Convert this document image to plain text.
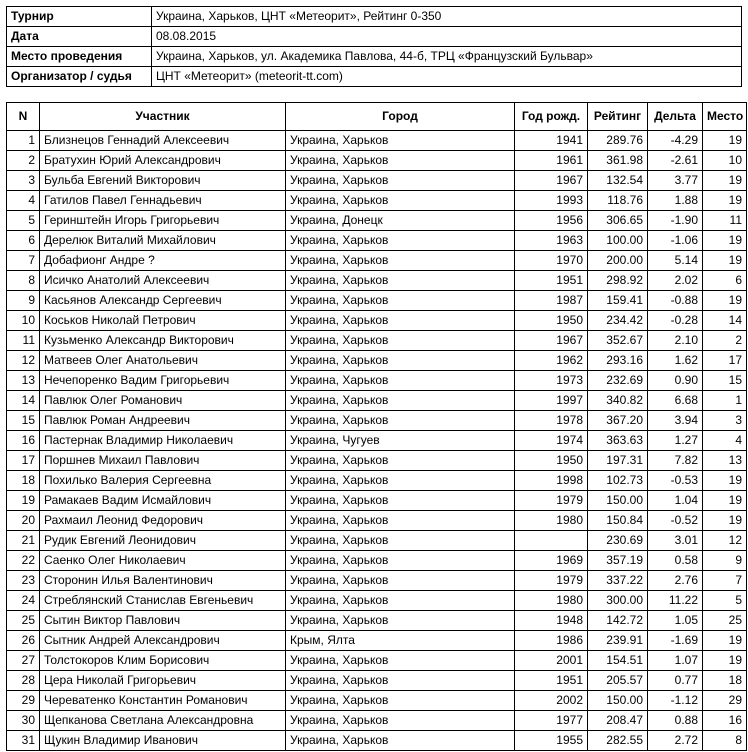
Турнир	Украина, Харьков, ЦНТ «Метеорит», Рейтинг 0-350
Дата	08.08.2015
Место проведения	Украина, Харьков, ул. Академика Павлова, 44-б, ТРЦ «Французский Бульвар»
Организатор / судья	ЦНТ «Метеорит» (meteorit-tt.com)
N	Участник	Город	Год рожд.	Рейтинг	Дельта	Место
1	Близнецов Геннадий Алексеевич	Украина, Харьков	1941	289.76	-4.29	19
2	Братухин Юрий Александрович	Украина, Харьков	1961	361.98	-2.61	10
3	Бульба Евгений Викторович	Украина, Харьков	1967	132.54	3.77	19
4	Гатилов Павел Геннадьевич	Украина, Харьков	1993	118.76	1.88	19
5	Геринштейн Игорь Григорьевич	Украина, Донецк	1956	306.65	-1.90	11
6	Дерелюк Виталий Михайлович	Украина, Харьков	1963	100.00	-1.06	19
7	Добафионг Андре ?	Украина, Харьков	1970	200.00	5.14	19
8	Исичко Анатолий Алексеевич	Украина, Харьков	1951	298.92	2.02	6
9	Касьянов Александр Сергеевич	Украина, Харьков	1987	159.41	-0.88	19
10	Коськов Николай Петрович	Украина, Харьков	1950	234.42	-0.28	14
11	Кузьменко Александр Викторович	Украина, Харьков	1967	352.67	2.10	2
12	Матвеев Олег Анатольевич	Украина, Харьков	1962	293.16	1.62	17
13	Нечепоренко Вадим Григорьевич	Украина, Харьков	1973	232.69	0.90	15
14	Павлюк Олег Романович	Украина, Харьков	1997	340.82	6.68	1
15	Павлюк Роман Андреевич	Украина, Харьков	1978	367.20	3.94	3
16	Пастернак Владимир Николаевич	Украина, Чугуев	1974	363.63	1.27	4
17	Поршнев Михаил Павлович	Украина, Харьков	1950	197.31	7.82	13
18	Похилько Валерия Сергеевна	Украина, Харьков	1998	102.73	-0.53	19
19	Рамакаев Вадим Исмайлович	Украина, Харьков	1979	150.00	1.04	19
20	Рахмаил Леонид Федорович	Украина, Харьков	1980	150.84	-0.52	19
21	Рудик Евгений Леонидович	Украина, Харьков		230.69	3.01	12
22	Саенко Олег Николаевич	Украина, Харьков	1969	357.19	0.58	9
23	Сторонин Илья Валентинович	Украина, Харьков	1979	337.22	2.76	7
24	Стреблянский Станислав Евгеньевич	Украина, Харьков	1980	300.00	11.22	5
25	Сытин Виктор Павлович	Украина, Харьков	1948	142.72	1.05	25
26	Сытник Андрей Александрович	Крым, Ялта	1986	239.91	-1.69	19
27	Толстокоров Клим Борисович	Украина, Харьков	2001	154.51	1.07	19
28	Цера Николай Григорьевич	Украина, Харьков	1951	205.57	0.77	18
29	Череватенко Константин Романович	Украина, Харьков	2002	150.00	-1.12	29
30	Щепканова Светлана Александровна	Украина, Харьков	1977	208.47	0.88	16
31	Щукин Владимир Иванович	Украина, Харьков	1955	282.55	2.72	8
